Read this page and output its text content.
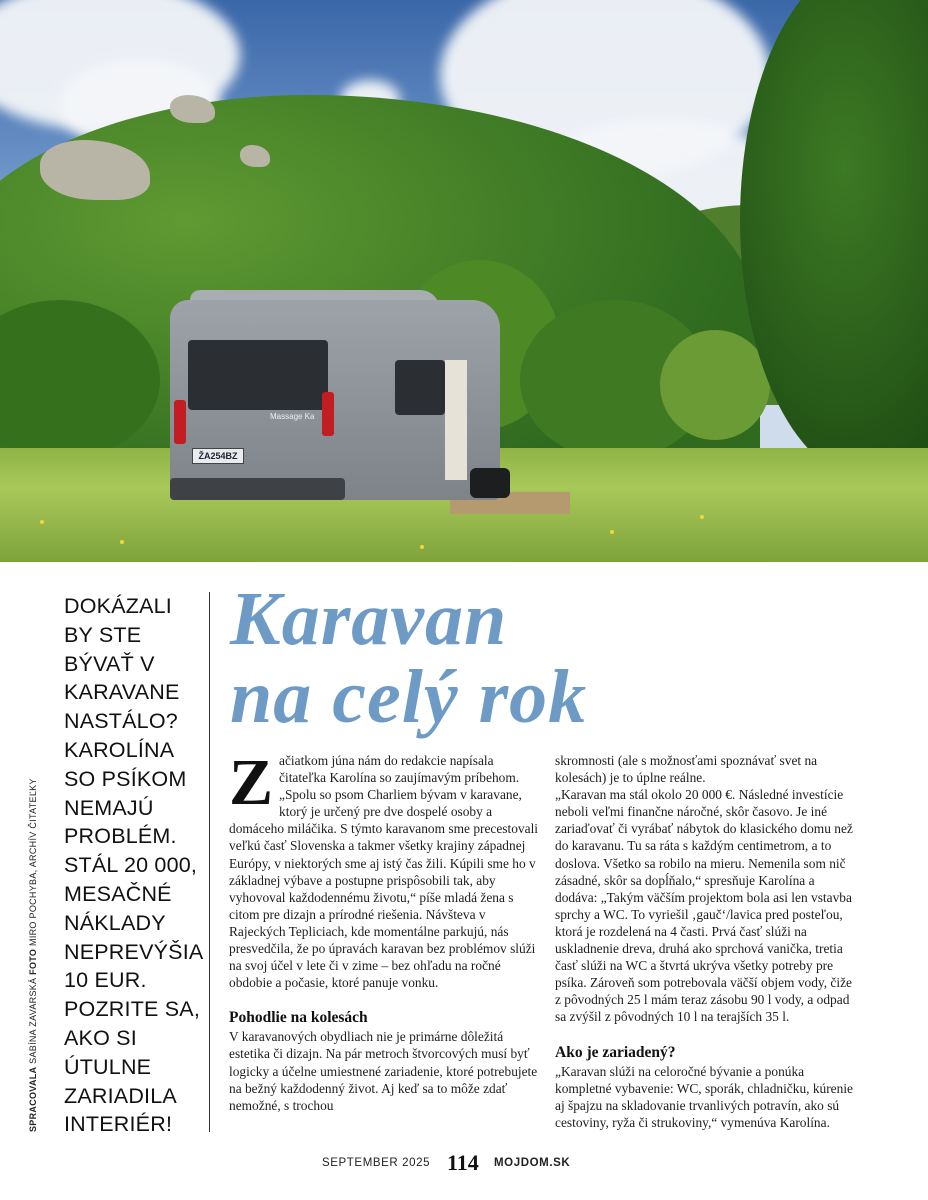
ŽA254BZ
Massage Ka
SPRACOVALA SABÍNA ZAVARSKÁ FOTO MIRO POCHYBA, ARCHÍV ČITATEĽKY
DOKÁZALI BY STE BÝVAŤ V KARAVANE NASTÁLO? KAROLÍNA SO PSÍKOM NEMAJÚ PROBLÉM. STÁL 20 000, MESAČNÉ NÁKLADY NEPREVÝŠIA 10 EUR. POZRITE SA, AKO SI ÚTULNE ZARIADILA INTERIÉR!
Karavan
na celý rok

Začiatkom júna nám do redakcie napísala čitateľka Karolína so zaujímavým príbehom.

„Spolu so psom Charliem bývam v karavane, ktorý je určený pre dve dospelé osoby a domáceho miláčika. S týmto karavanom sme precestovali veľkú časť Slovenska a takmer všetky krajiny západnej Európy, v niektorých sme aj istý čas žili. Kúpili sme ho v základnej výbave a postupne prispôsobili tak, aby vyhovoval každodennému životu,“ píše mladá žena s citom pre dizajn a prírodné riešenia. Návšteva v Rajeckých Tepliciach, kde momentálne parkujú, nás presvedčila, že po úpravách karavan bez problémov slúži na svoj účel v lete či v zime – bez ohľadu na ročné obdobie a počasie, ktoré panuje vonku.

Pohodlie na kolesách

V karavanových obydliach nie je primárne dôležitá estetika či dizajn. Na pár metroch štvorcových musí byť logicky a účelne umiestnené zariadenie, ktoré potrebujete na bežný každodenný život. Aj keď sa to môže zdať nemožné, s trochou

skromnosti (ale s možnosťami spoznávať svet na kolesách) je to úplne reálne.

„Karavan ma stál okolo 20 000 €. Následné investície neboli veľmi finančne náročné, skôr časovo. Je iné zariaďovať či vyrábať nábytok do klasického domu než do karavanu. Tu sa ráta s každým centimetrom, a to doslova. Všetko sa robilo na mieru. Nemenila som nič zásadné, skôr sa dopĺňalo,“ spresňuje Karolína a dodáva: „Takým väčším projektom bola asi len vstavba sprchy a WC. To vyriešil ‚gauč‘/lavica pred posteľou, ktorá je rozdelená na 4 časti. Prvá časť slúži na uskladnenie dreva, druhá ako sprchová vanička, tretia časť slúži na WC a štvrtá ukrýva všetky potreby pre psíka. Zároveň som potrebovala väčší objem vody, čiže z pôvodných 25 l mám teraz zásobu 90 l vody, a odpad sa zvýšil z pôvodných 10 l na terajších 35 l.

Ako je zariadený?

„Karavan slúži na celoročné bývanie a ponúka kompletné vybavenie: WC, sporák, chladničku, kúrenie aj špajzu na skladovanie trvanlivých potravín, ako sú cestoviny, ryža či strukoviny,“ vymenúva Karolína.

SEPTEMBER 2025 114 MOJDOM.SK
